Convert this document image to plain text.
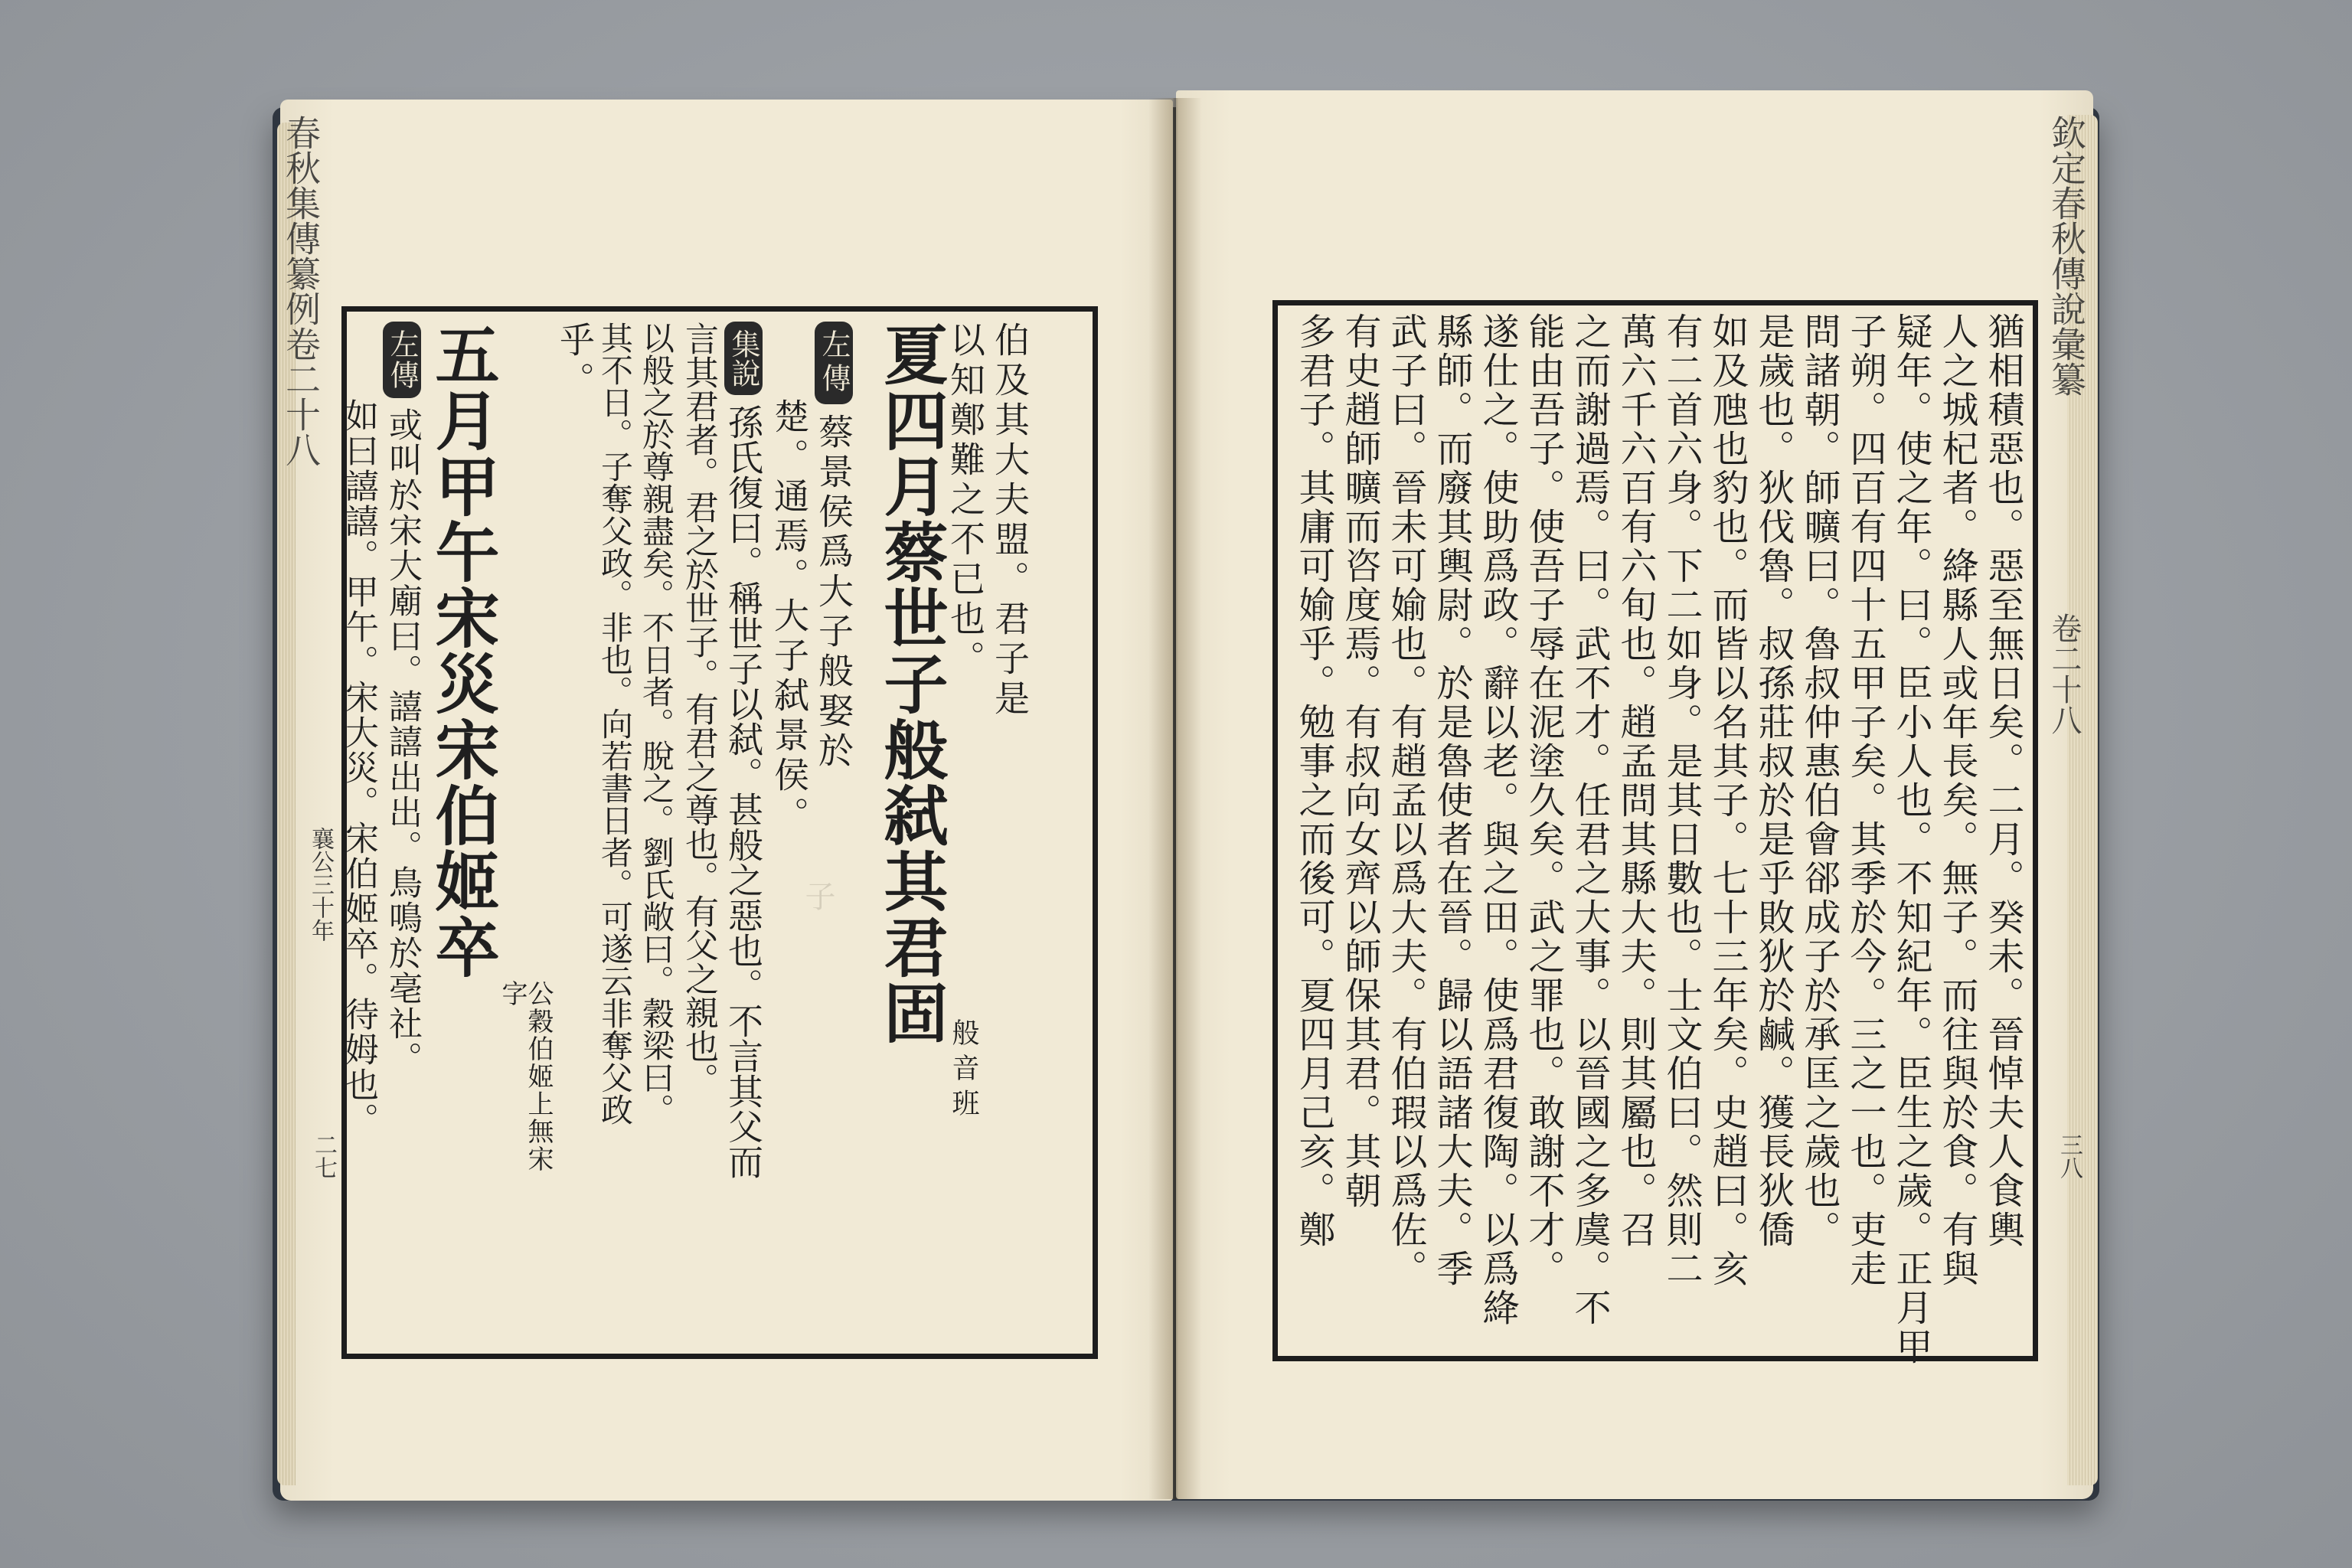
子
春秋集傳纂例卷二十八
襄公三十年
二七
伯及其大夫盟。君子是
以知鄭難之不已也。
夏四月蔡世子般弑其君固
般音班
左傳蔡景侯爲大子般娶於
楚。通焉。大子弑景侯。
集說孫氏復曰。稱世子以弑。甚般之惡也。不言其父而
言其君者。君之於世子。有君之尊也。有父之親也。
以般之於尊親盡矣。不日者。脫之。劉氏敞曰。穀梁曰。
其不日。子奪父政。非也。向若書日者。可遂云非奪父政
乎。
五月甲午宋災宋伯姬卒
公穀伯姬上無宋字
左傳或叫於宋大廟曰。譆譆出出。鳥鳴於亳社。
如曰譆譆。甲午。宋大災。宋伯姬卒。待姆也。
欽定春秋傳說彙纂
卷二十八
三八
猶相積惡也。惡至無日矣。二月。癸未。晉悼夫人食輿
人之城杞者。絳縣人或年長矣。無子。而往與於食。有與
疑年。使之年。曰。臣小人也。不知紀年。臣生之歲。正月甲
子朔。四百有四十五甲子矣。其季於今。三之一也。吏走
問諸朝。師曠曰。魯叔仲惠伯會郤成子於承匡之歲也。
是歲也。狄伐魯。叔孫莊叔於是乎敗狄於鹹。獲長狄僑
如及虺也豹也。而皆以名其子。七十三年矣。史趙曰。亥
有二首六身。下二如身。是其日數也。士文伯曰。然則二
萬六千六百有六旬也。趙孟問其縣大夫。則其屬也。召
之而謝過焉。曰。武不才。任君之大事。以晉國之多虞。不
能由吾子。使吾子辱在泥塗久矣。武之罪也。敢謝不才。
遂仕之。使助爲政。辭以老。與之田。使爲君復陶。以爲絳
縣師。而廢其輿尉。於是魯使者在晉。歸以語諸大夫。季
武子曰。晉未可媮也。有趙孟以爲大夫。有伯瑕以爲佐。
有史趙師曠而咨度焉。有叔向女齊以師保其君。其朝
多君子。其庸可媮乎。勉事之而後可。夏四月己亥。鄭
